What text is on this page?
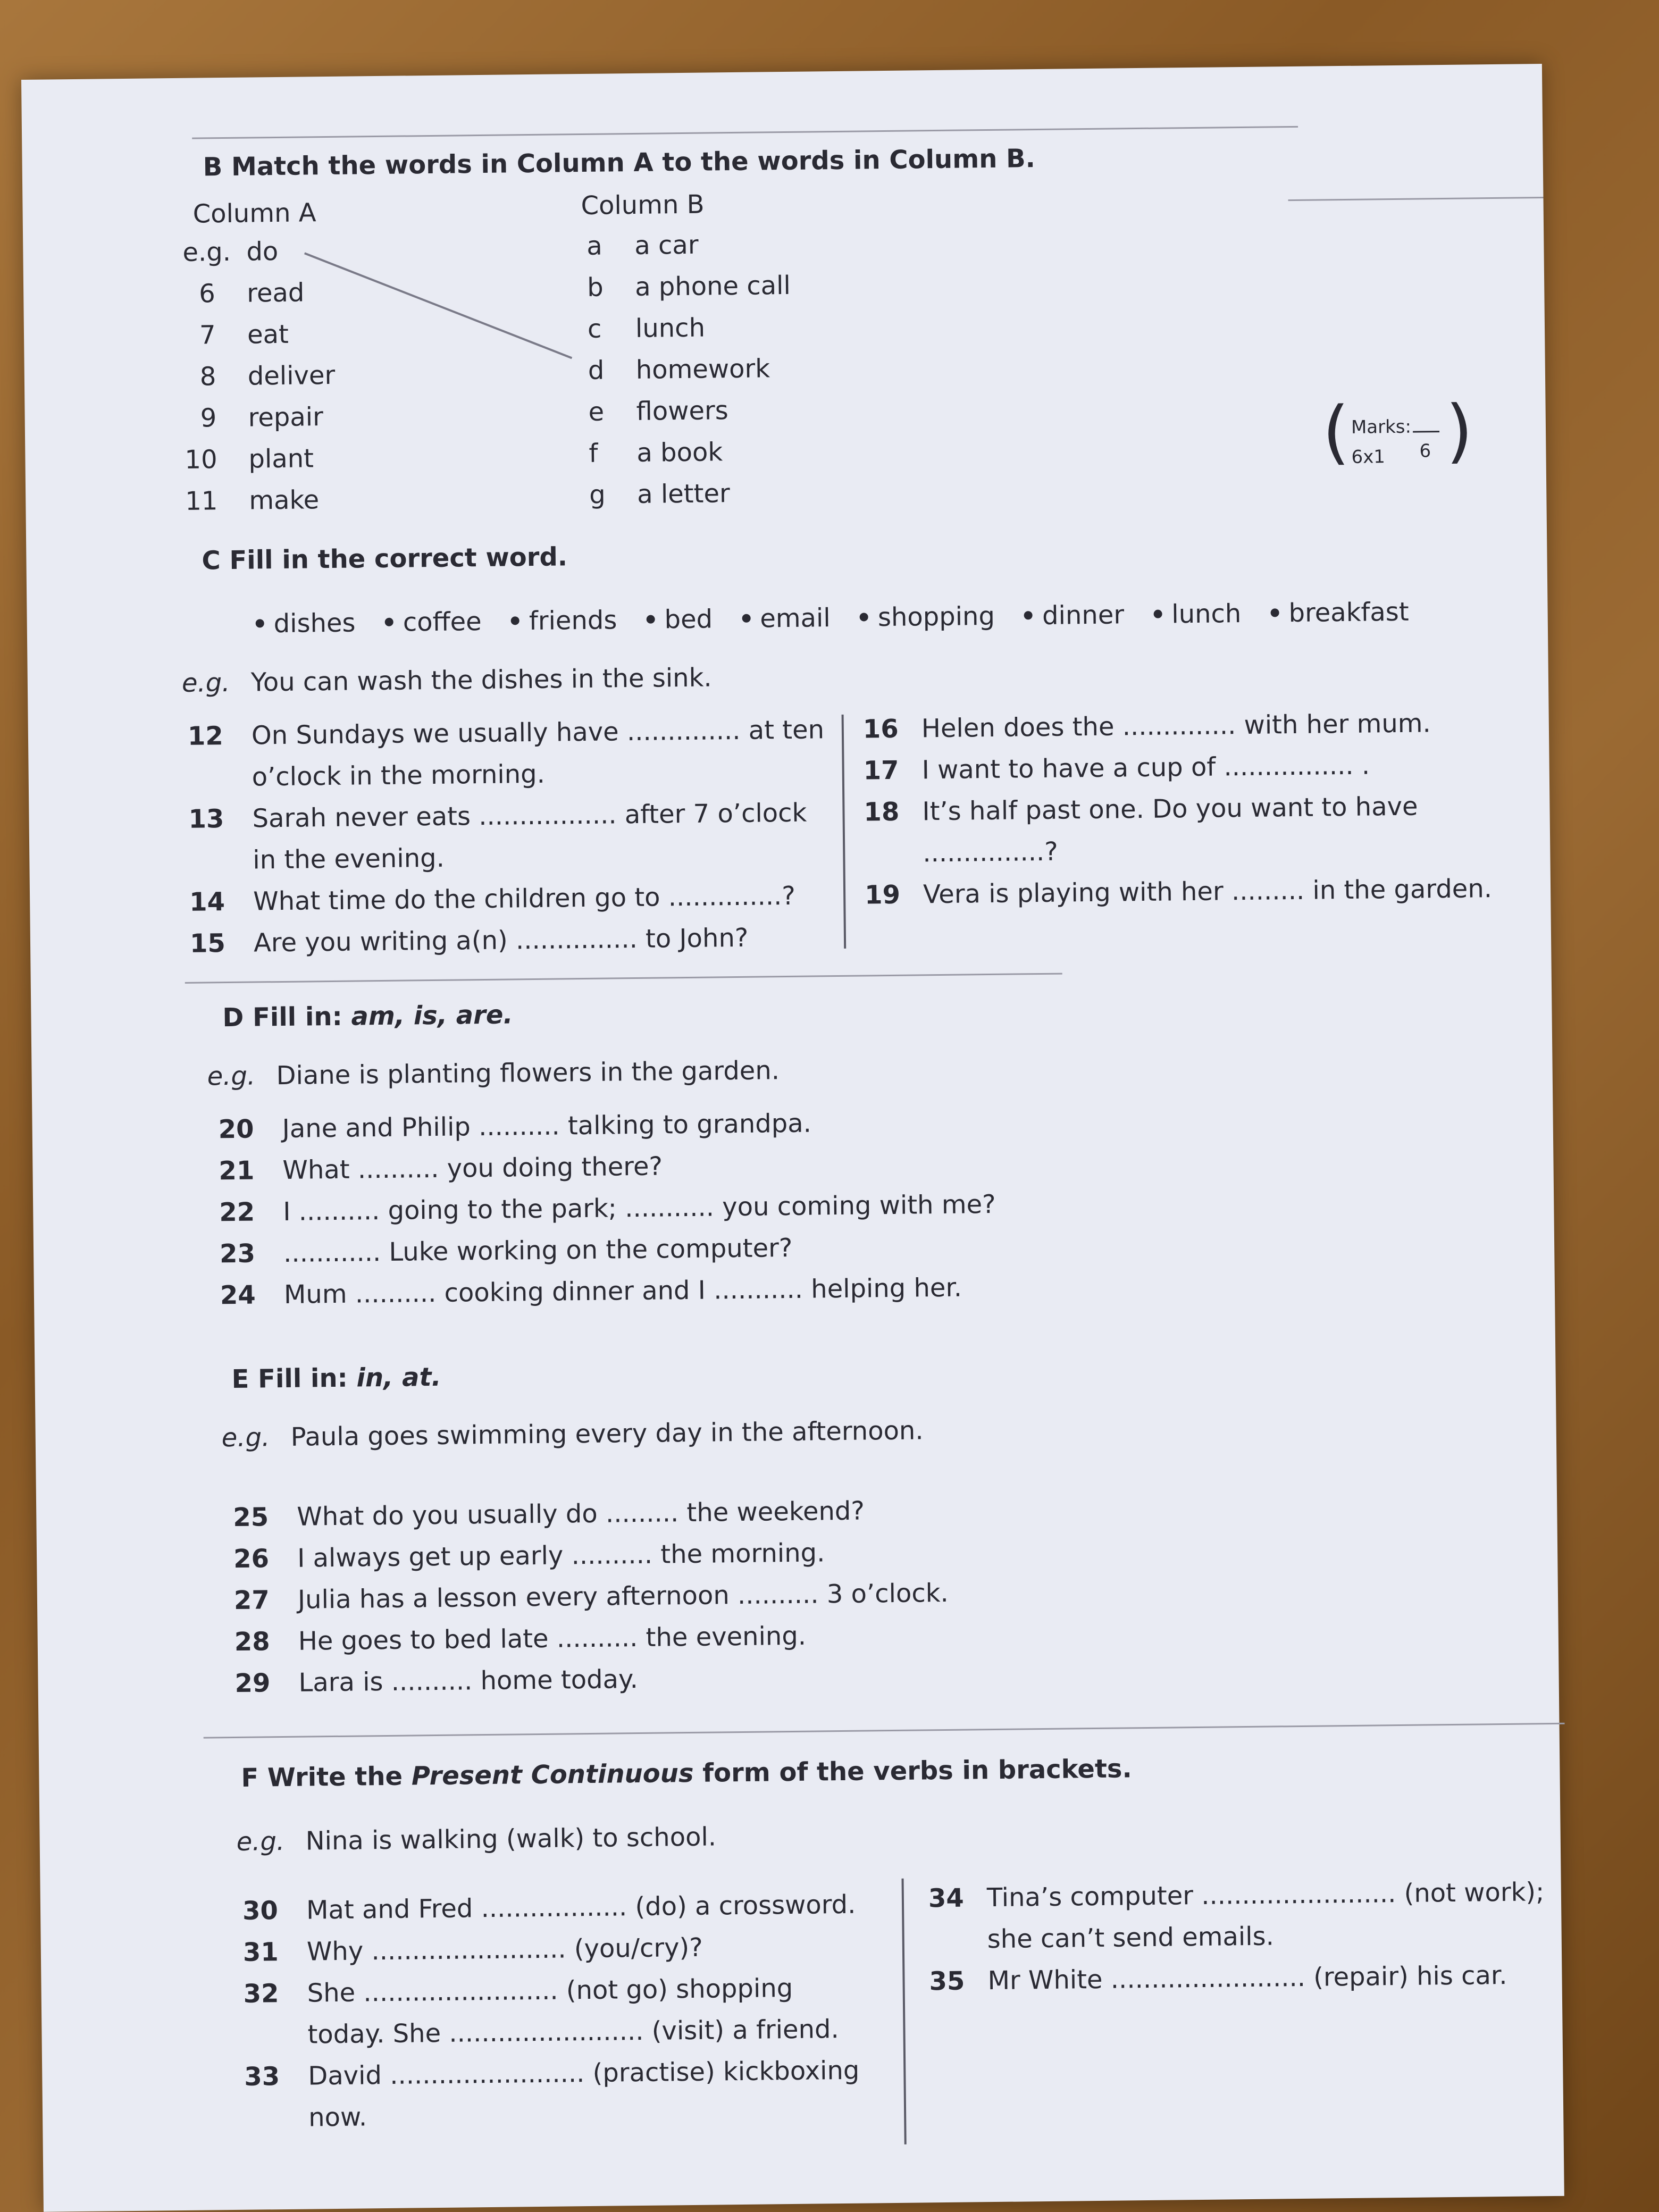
B Match the words in Column A to the words in Column B.
Column A	Column B
e.g. do
6 read
7 eat
8 deliver
9 repair
10 plant
11 make
a a car
b a phone call
c lunch
d homework
e flowers
f a book
g a letter
( Marks:
6x1 6 )
C Fill in the correct word.
dishes coffee friends bed email shopping dinner lunch breakfast
e.g. You can wash the dishes in the sink.
12 On Sundays we usually have .............. at ten
o’clock in the morning.
13 Sarah never eats ................. after 7 o’clock
in the evening.
14 What time do the children go to ..............?
15 Are you writing a(n) ............... to John?
16 Helen does the .............. with her mum.
17 I want to have a cup of ................ .
18 It’s half past one. Do you want to have
...............?
19 Vera is playing with her ......... in the garden.
D Fill in: am, is, are.
e.g. Diane is planting flowers in the garden.
20 Jane and Philip .......... talking to grandpa.
21 What .......... you doing there?
22 I .......... going to the park; ........... you coming with me?
23 ............ Luke working on the computer?
24 Mum .......... cooking dinner and I ........... helping her.
E Fill in: in, at.
e.g. Paula goes swimming every day in the afternoon.
25 What do you usually do ......... the weekend?
26 I always get up early .......... the morning.
27 Julia has a lesson every afternoon .......... 3 o’clock.
28 He goes to bed late .......... the evening.
29 Lara is .......... home today.
F Write the Present Continuous form of the verbs in brackets.
e.g. Nina is walking (walk) to school.
30 Mat and Fred .................. (do) a crossword.
31 Why ........................ (you/cry)?
32 She ........................ (not go) shopping
today. She ........................ (visit) a friend.
33 David ........................ (practise) kickboxing
now.
34 Tina’s computer ........................ (not work);
she can’t send emails.
35 Mr White ........................ (repair) his car.
